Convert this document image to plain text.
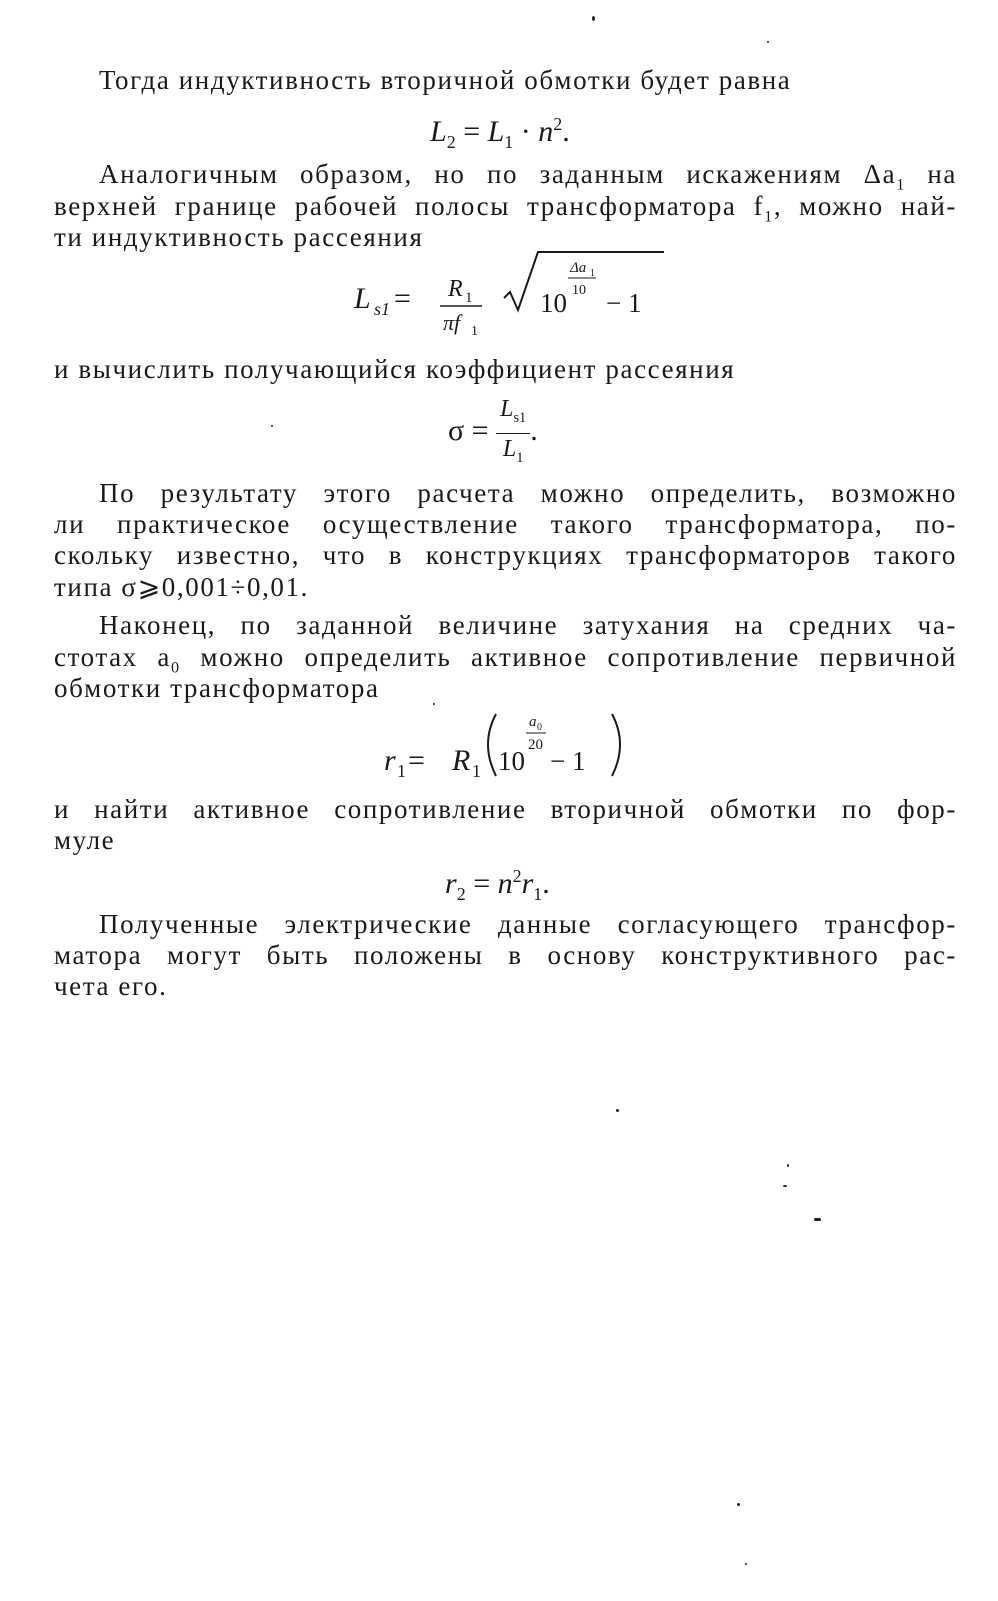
Тогда индуктивность вторичной обмотки будет равна
$L_2 = L_1 \cdot n^2$.
Аналогичным образом, но по заданным искажениям $\Delta a_1$ на
верхней границе рабочей полосы трансформатора $f_1$, можно най-
ти индуктивность рассеяния
L s1 = R 1
πf 1
10
Δa 1
10 − 1
и вычислить получающийся коэффициент рассеяния
$\sigma = \frac{L_{s1}}{L_1}$ .
По результату этого расчета можно определить, возможно
ли практическое осуществление такого трансформатора, по-
скольку известно, что в конструкциях трансформаторов такого
типа σ⩾0,001÷0,01.
Наконец, по заданной величине затухания на средних ча-
стотах $a_0$ можно определить активное сопротивление первичной
обмотки трансформатора
r 1 = R 1 10
a 0
20
− 1
и найти активное сопротивление вторичной обмотки по фор-
муле
$r_2 = n^2r_1$.
Полученные электрические данные согласующего трансфор-
матора могут быть положены в основу конструктивного рас-
чета его.
